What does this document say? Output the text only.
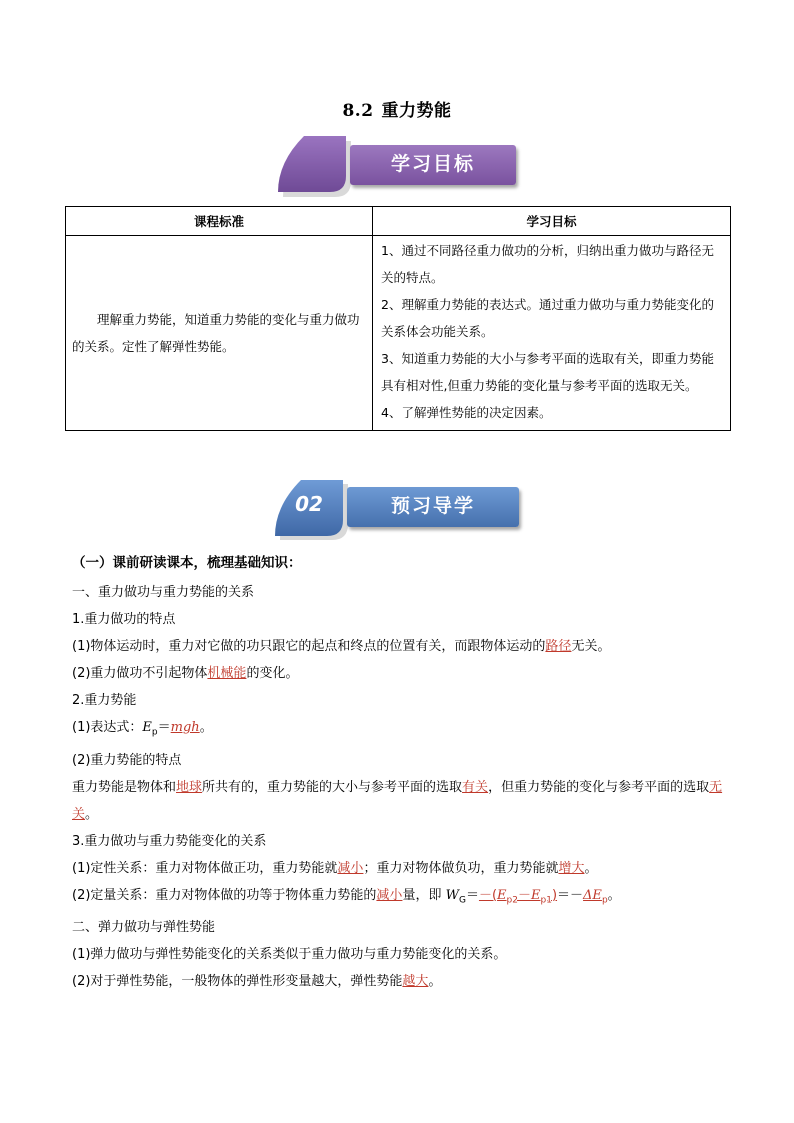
8.2 重力势能
学习目标
课程标准	学习目标

理解重力势能，知道重力势能的变化与重力做功的关系。定性了解弹性势能。	1、通过不同路径重力做功的分析，归纳出重力做功与路径无关的特点。
2、理解重力势能的表达式。通过重力做功与重力势能变化的关系体会功能关系。
3、知道重力势能的大小与参考平面的选取有关，即重力势能具有相对性,但重力势能的变化量与参考平面的选取无关。
4、了解弹性势能的决定因素。
02	预习导学

（一）课前研读课本，梳理基础知识：

一、重力做功与重力势能的关系

1.重力做功的特点

(1)物体运动时，重力对它做的功只跟它的起点和终点的位置有关，而跟物体运动的路径无关。

(2)重力做功不引起物体机械能的变化。

2.重力势能

(1)表达式：$E_p=mgh$。

(2)重力势能的特点

重力势能是物体和地球所共有的，重力势能的大小与参考平面的选取有关，但重力势能的变化与参考平面的选取无关。

3.重力做功与重力势能变化的关系

(1)定性关系：重力对物体做正功，重力势能就减小；重力对物体做负功，重力势能就增大。

(2)定量关系：重力对物体做的功等于物体重力势能的减小量，即 $W_G=-(E_{p2}-E_{p1})=-\Delta E_p$。

二、弹力做功与弹性势能

(1)弹力做功与弹性势能变化的关系类似于重力做功与重力势能变化的关系。

(2)对于弹性势能，一般物体的弹性形变量越大，弹性势能越大。
